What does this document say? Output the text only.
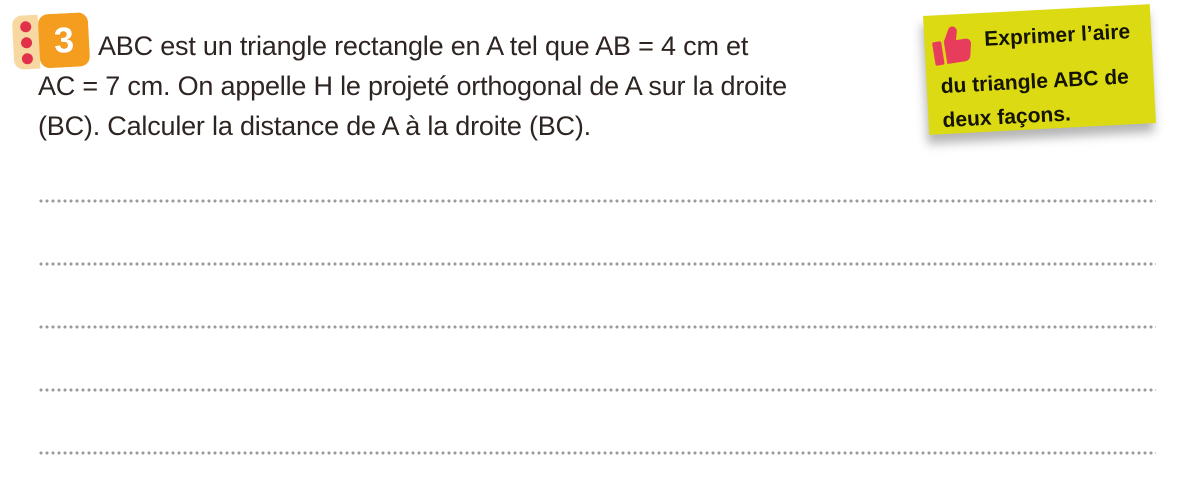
3 ABC est un triangle rectangle en A tel que AB = 4 cm et
AC = 7 cm. On appelle H le projeté orthogonal de A sur la droite
(BC). Calculer la distance de A à la droite (BC).
Exprimer l’aire
du triangle ABC de
deux façons.
